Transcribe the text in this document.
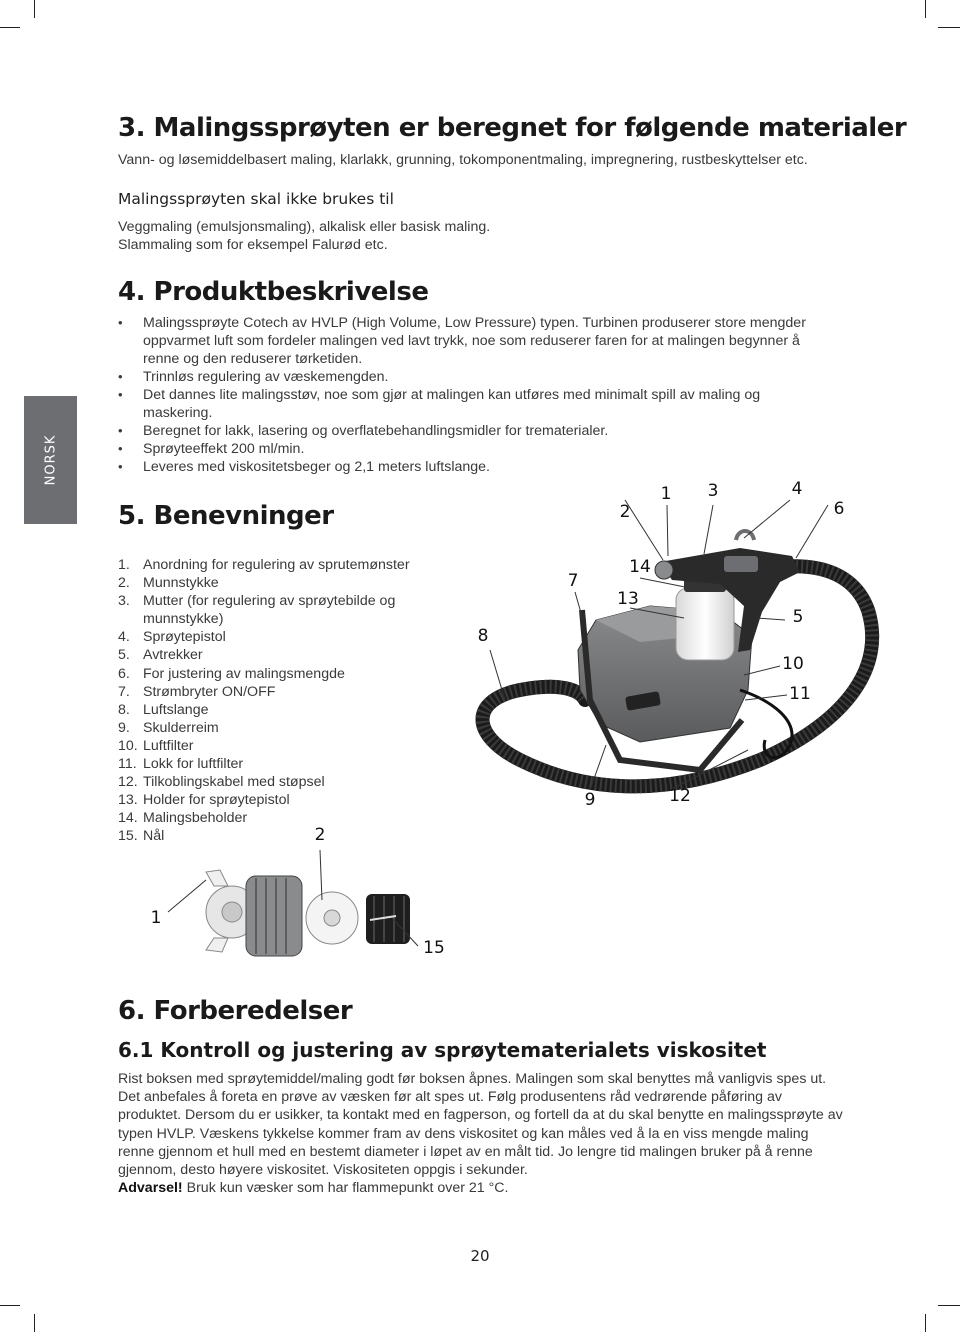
NORSK
3. Malingssprøyten er beregnet for følgende materialer
Vann- og løsemiddelbasert maling, klarlakk, grunning, tokomponentmaling, impregnering, rustbeskyttelser etc.
Malingssprøyten skal ikke brukes til
Veggmaling (emulsjonsmaling), alkalisk eller basisk maling.
Slammaling som for eksempel Falurød etc.
4. Produktbeskrivelse
• Malingssprøyte Cotech av HVLP (High Volume, Low Pressure) typen. Turbinen produserer store mengder oppvarmet luft som fordeler malingen ved lavt trykk, noe som reduserer faren for at malingen begynner å renne og den reduserer tørketiden.
• Trinnløs regulering av væskemengden.
• Det dannes lite malingsstøv, noe som gjør at malingen kan utføres med minimalt spill av maling og maskering.
• Beregnet for lakk, lasering og overflatebehandlingsmidler for trematerialer.
• Sprøyteeffekt 200 ml/min.
• Leveres med viskositetsbeger og 2,1 meters luftslange.
5. Benevninger
1. Anordning for regulering av sprutemønster
2. Munnstykke
3. Mutter (for regulering av sprøytebilde og munnstykke)
4. Sprøytepistol
5. Avtrekker
6. For justering av malingsmengde
7. Strømbryter ON/OFF
8. Luftslange
9. Skulderreim
10. Luftfilter
11. Lokk for luftfilter
12. Tilkoblingskabel med støpsel
13. Holder for sprøytepistol
14. Malingsbeholder
15. Nål
1
2
3	4
5
6
7
8
9
10
11
12
13
14
1
2
15
6. Forberedelser
6.1 Kontroll og justering av sprøytematerialets viskositet
Rist boksen med sprøytemiddel/maling godt før boksen åpnes. Malingen som skal benyttes må vanligvis spes ut. Det anbefales å foreta en prøve av væsken før alt spes ut. Følg produsentens råd vedrørende påføring av produktet. Dersom du er usikker, ta kontakt med en fagperson, og fortell da at du skal benytte en malingssprøyte av typen HVLP. Væskens tykkelse kommer fram av dens viskositet og kan måles ved å la en viss mengde maling renne gjennom et hull med en bestemt diameter i løpet av en målt tid. Jo lengre tid malingen bruker på å renne gjennom, desto høyere viskositet. Viskositeten oppgis i sekunder.
Advarsel! Bruk kun væsker som har flammepunkt over 21 °C.
20
